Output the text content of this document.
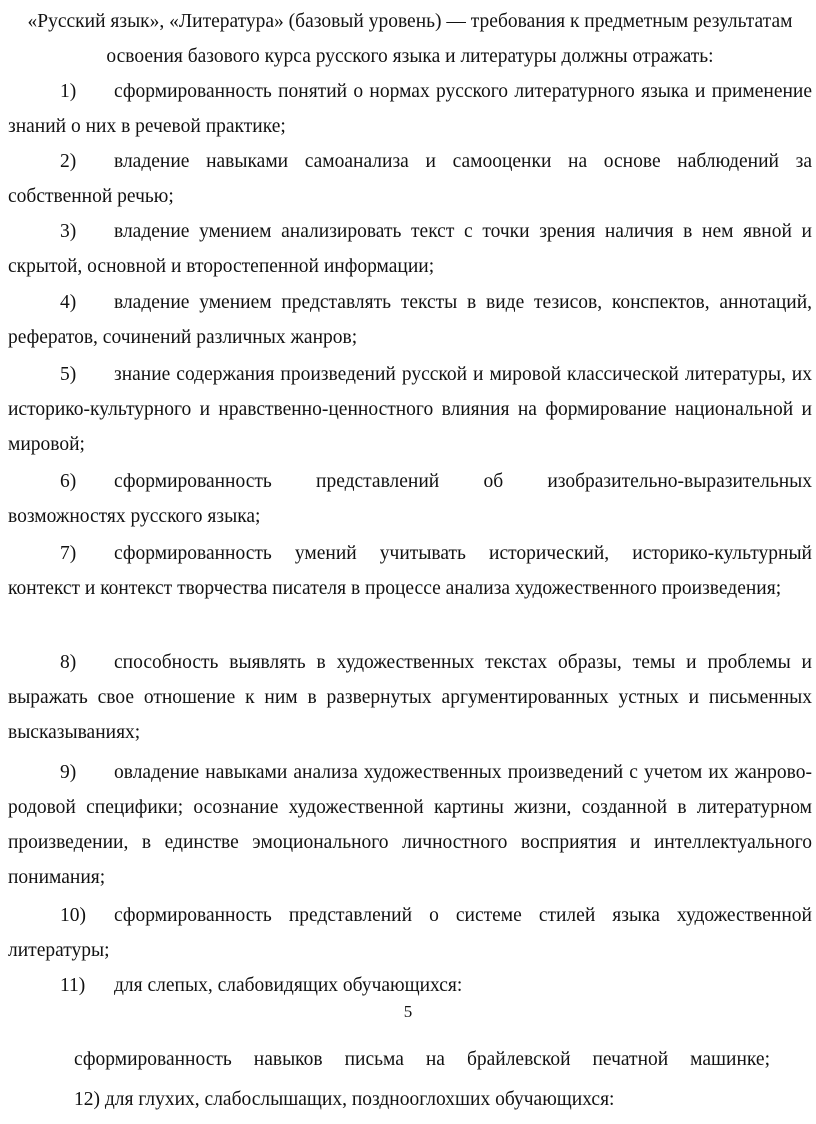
«Русский язык», «Литература» (базовый уровень) — требования к предметным результатам освоения базового курса русского языка и литературы должны отражать:
1)	сформированность понятий о нормах русского литературного языка и применение знаний о них в речевой практике;
2)	владение навыками самоанализа и самооценки на основе наблюдений за собственной речью;
3)	владение умением анализировать текст с точки зрения наличия в нем явной и скрытой, основной и второстепенной информации;
4)	владение умением представлять тексты в виде тезисов, конспектов, аннотаций, рефератов, сочинений различных жанров;
5)	знание содержания произведений русской и мировой классической литературы, их историко-культурного и нравственно-ценностного влияния на формирование национальной и мировой;
6)	сформированность представлений об изобразительно-выразительных возможностях русского языка;
7)	сформированность умений учитывать исторический, историко-культурный контекст и контекст творчества писателя в процессе анализа художественного произведения;
8)	способность выявлять в художественных текстах образы, темы и проблемы и выражать свое отношение к ним в развернутых аргументированных устных и письменных высказываниях;
9)	овладение навыками анализа художественных произведений с учетом их жанрово-родовой специфики; осознание художественной картины жизни, созданной в литературном произведении, в единстве эмоционального личностного восприятия и интеллектуального понимания;
10)	сформированность представлений о системе стилей языка художественной литературы;
11)	для слепых, слабовидящих обучающихся:
5
сформированность навыков письма на брайлевской печатной машинке;
12) для глухих, слабослышащих, позднооглохших обучающихся:
